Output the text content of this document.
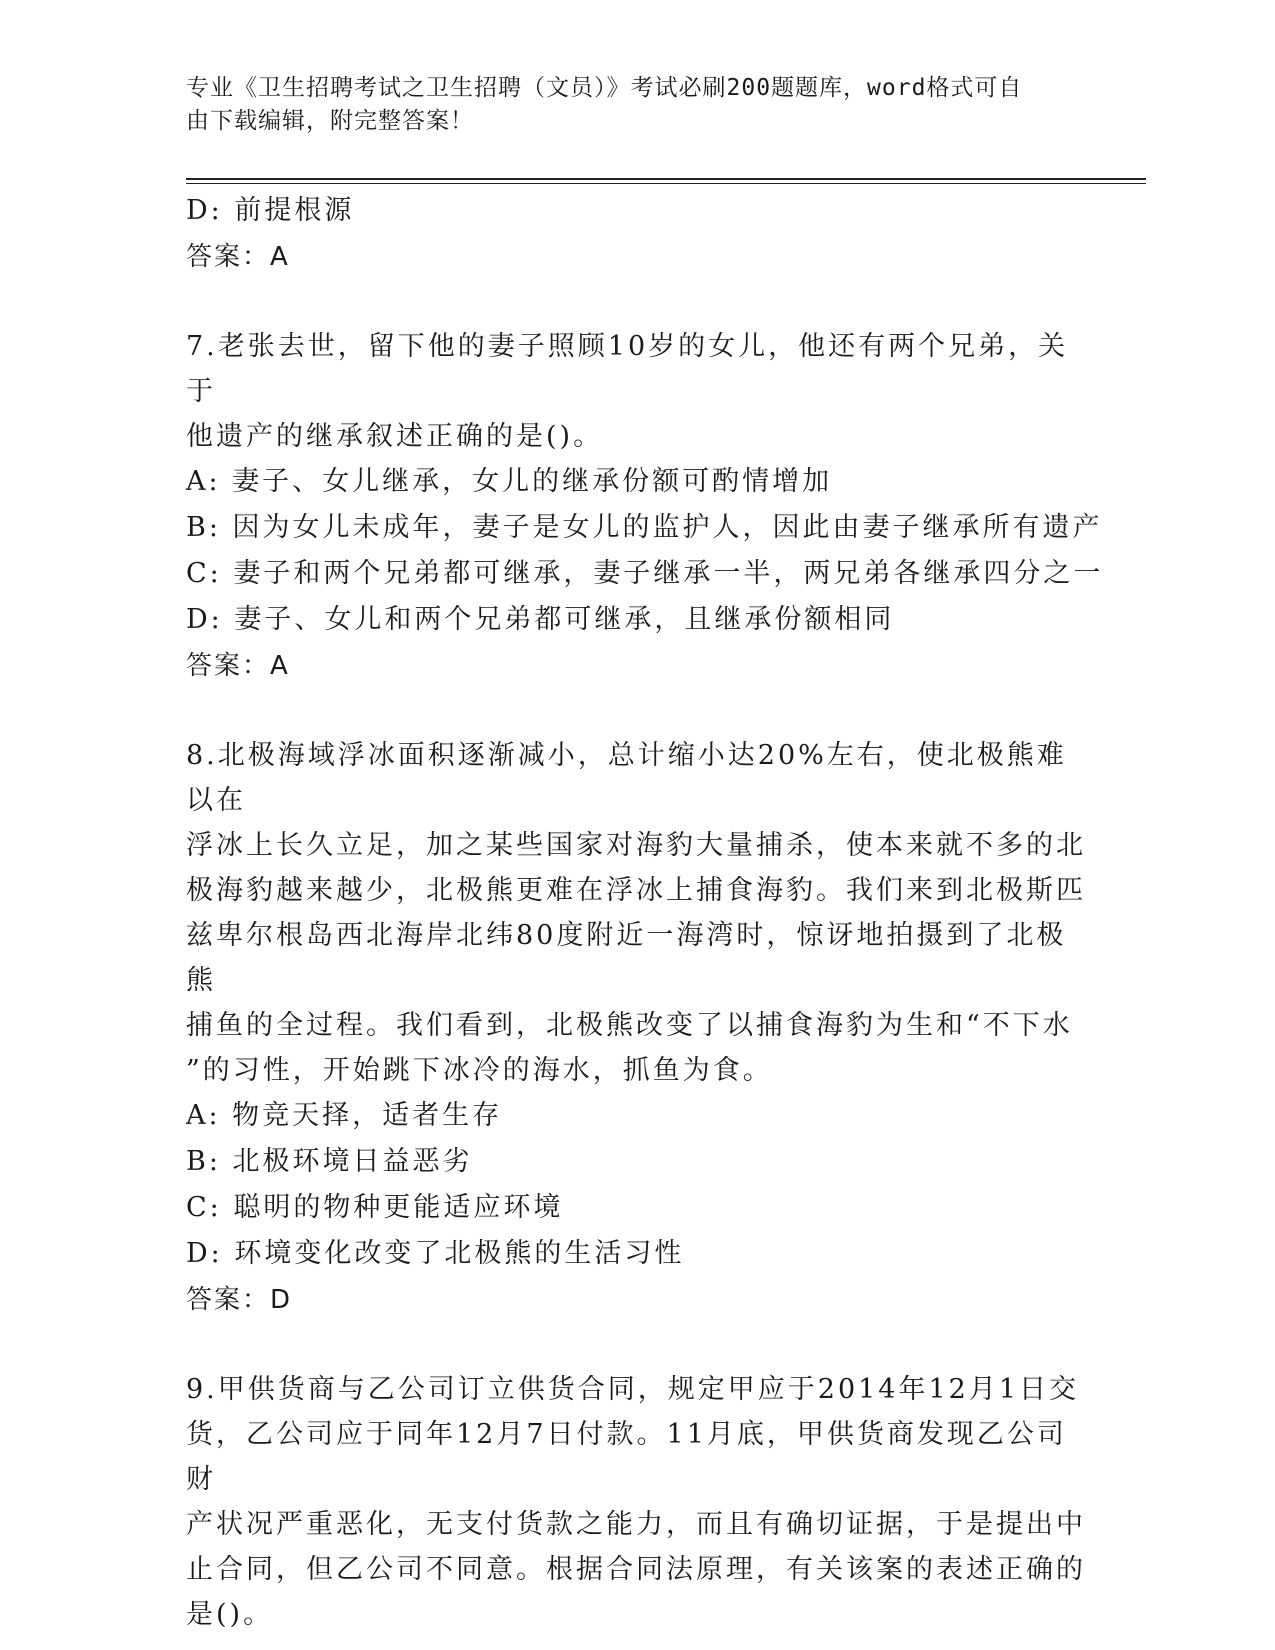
专业《卫生招聘考试之卫生招聘（文员）》考试必刷200题题库，word格式可自
由下载编辑，附完整答案！
D: 前提根源
答案：A
7.老张去世，留下他的妻子照顾10岁的女儿，他还有两个兄弟，关于
他遗产的继承叙述正确的是()。
A: 妻子、女儿继承，女儿的继承份额可酌情增加
B: 因为女儿未成年，妻子是女儿的监护人，因此由妻子继承所有遗产
C: 妻子和两个兄弟都可继承，妻子继承一半，两兄弟各继承四分之一
D: 妻子、女儿和两个兄弟都可继承，且继承份额相同
答案：A
8.北极海域浮冰面积逐渐减小，总计缩小达20%左右，使北极熊难以在
浮冰上长久立足，加之某些国家对海豹大量捕杀，使本来就不多的北
极海豹越来越少，北极熊更难在浮冰上捕食海豹。我们来到北极斯匹
兹卑尔根岛西北海岸北纬80度附近一海湾时，惊讶地拍摄到了北极熊
捕鱼的全过程。我们看到，北极熊改变了以捕食海豹为生和“不下水
”的习性，开始跳下冰冷的海水，抓鱼为食。
A: 物竞天择，适者生存
B: 北极环境日益恶劣
C: 聪明的物种更能适应环境
D: 环境变化改变了北极熊的生活习性
答案：D
9.甲供货商与乙公司订立供货合同，规定甲应于2014年12月1日交
货，乙公司应于同年12月7日付款。11月底，甲供货商发现乙公司财
产状况严重恶化，无支付货款之能力，而且有确切证据，于是提出中
止合同，但乙公司不同意。根据合同法原理，有关该案的表述正确的
是()。
